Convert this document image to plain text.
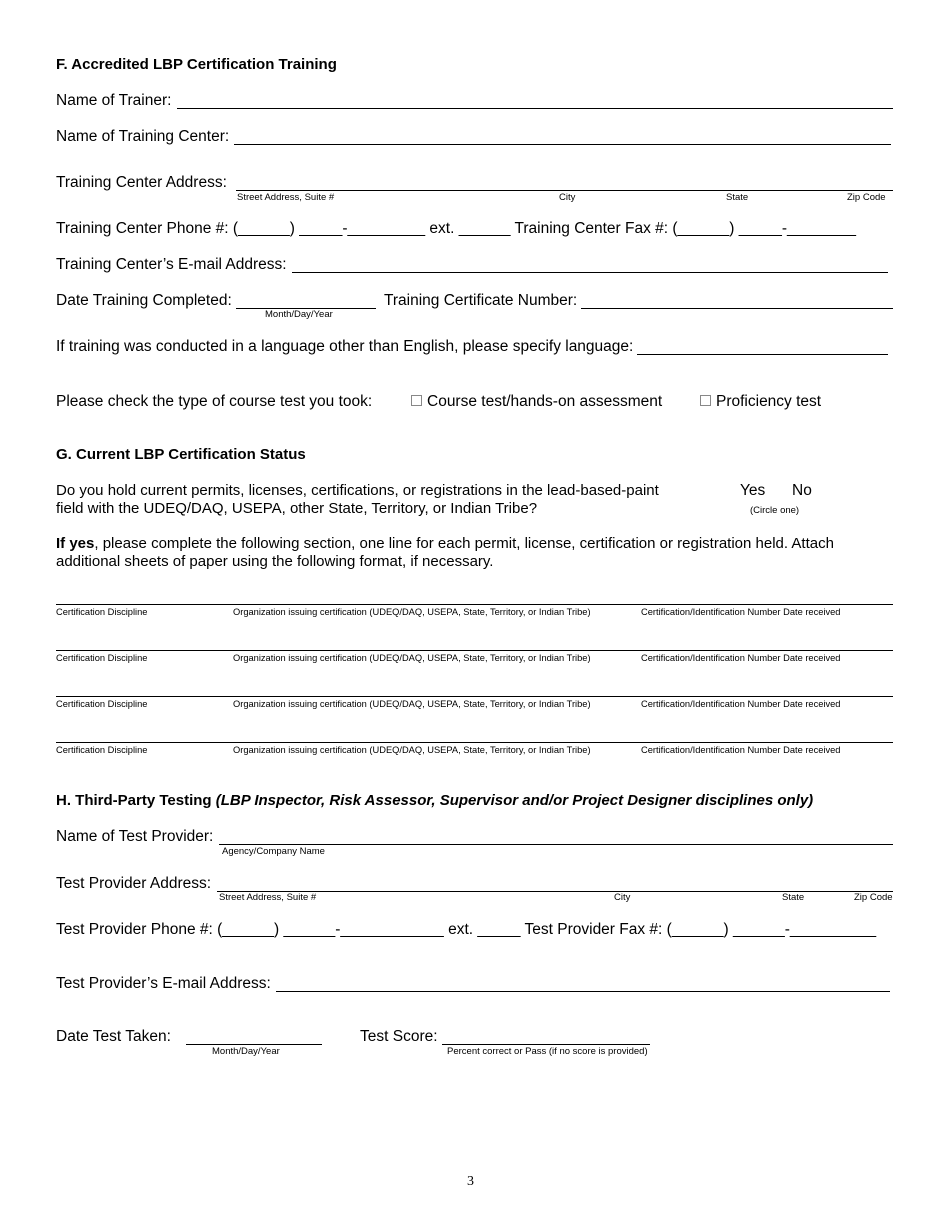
F. Accredited LBP Certification Training
Name of Trainer:
Name of Training Center:
Training Center Address:
Street Address, Suite #	City	State	Zip Code
Training Center Phone #: (______) _____-_________ ext. ______ Training Center Fax #: (______) _____-________
Training Center’s E-mail Address:
Date Training Completed:
Month/Day/Year
Training Certificate Number:
If training was conducted in a language other than English, please specify language:
Please check the type of course test you took:	Course test/hands-on assessment	Proficiency test
G. Current LBP Certification Status
Do you hold current permits, licenses, certifications, or registrations in the lead-based-paint
field with the UDEQ/DAQ, USEPA, other State, Territory, or Indian Tribe?
Yes No
(Circle one)
If yes, please complete the following section, one line for each permit, license, certification or registration held. Attach additional sheets of paper using the following format, if necessary.
Certification Discipline	Organization issuing certification (UDEQ/DAQ, USEPA, State, Territory, or Indian Tribe)	Certification/Identification Number Date received
Certification Discipline	Organization issuing certification (UDEQ/DAQ, USEPA, State, Territory, or Indian Tribe)	Certification/Identification Number Date received
Certification Discipline	Organization issuing certification (UDEQ/DAQ, USEPA, State, Territory, or Indian Tribe)	Certification/Identification Number Date received
Certification Discipline	Organization issuing certification (UDEQ/DAQ, USEPA, State, Territory, or Indian Tribe)	Certification/Identification Number Date received
H. Third-Party Testing (LBP Inspector, Risk Assessor, Supervisor and/or Project Designer disciplines only)
Name of Test Provider:
Agency/Company Name
Test Provider Address:
Street Address, Suite #	City	State	Zip Code
Test Provider Phone #: (______) ______-____________ ext. _____ Test Provider Fax #: (______) ______-__________
Test Provider’s E-mail Address:
Date Test Taken:
Month/Day/Year
Test Score:
Percent correct or Pass (if no score is provided)
3
